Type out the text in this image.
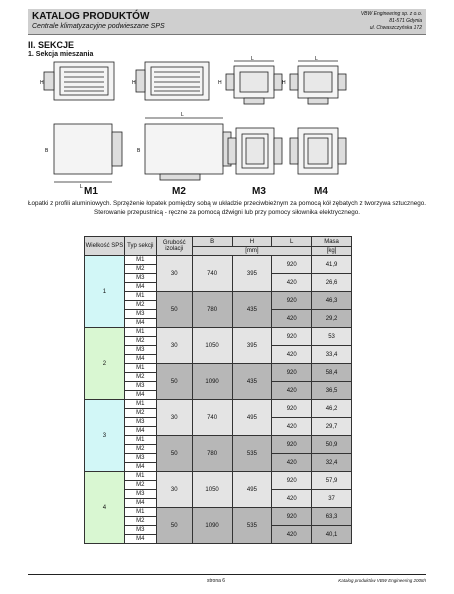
KATALOG PRODUKTÓW
Centrale klimatyzacyjne podwieszane SPS
VBW Engineering sp. z o.o.
81-571 Gdynia
ul. Chwaszczyńska 172
II. SEKCJE
1. Sekcja mieszania
H	H
L
H
L
H
B
L
L
B
M1	M2	M3	M4
Łopatki z profili aluminiowych. Sprzężenie łopatek pomiędzy sobą w układzie przeciwbieżnym za pomocą kół zębatych z tworzywa sztucznego. Sterowanie przepustnicą - ręczne za pomocą dźwigni lub przy pomocy siłownika elektrycznego.
Wielkość SPS	Typ sekcji	Grubość izolacji	B	H	L	Masa
			[mm]			[kg]
1	M1	30	740	395	920	41,9
	M2					
	M3				420	26,6
	M4					
	M1	50	780	435	920	46,3
	M2					
	M3				420	29,2
	M4					
2	M1	30	1050	395	920	53
	M2					
	M3				420	33,4
	M4					
	M1	50	1090	435	920	58,4
	M2					
	M3				420	36,5
	M4					
3	M1	30	740	495	920	46,2
	M2					
	M3				420	29,7
	M4					
	M1	50	780	535	920	50,9
	M2					
	M3				420	32,4
	M4					
4	M1	30	1050	495	920	57,9
	M2					
	M3				420	37
	M4					
	M1	50	1090	535	920	63,3
	M2					
	M3				420	40,1
	M4					
strona 6	Katalog produktów VBW Engineering 2008/I
